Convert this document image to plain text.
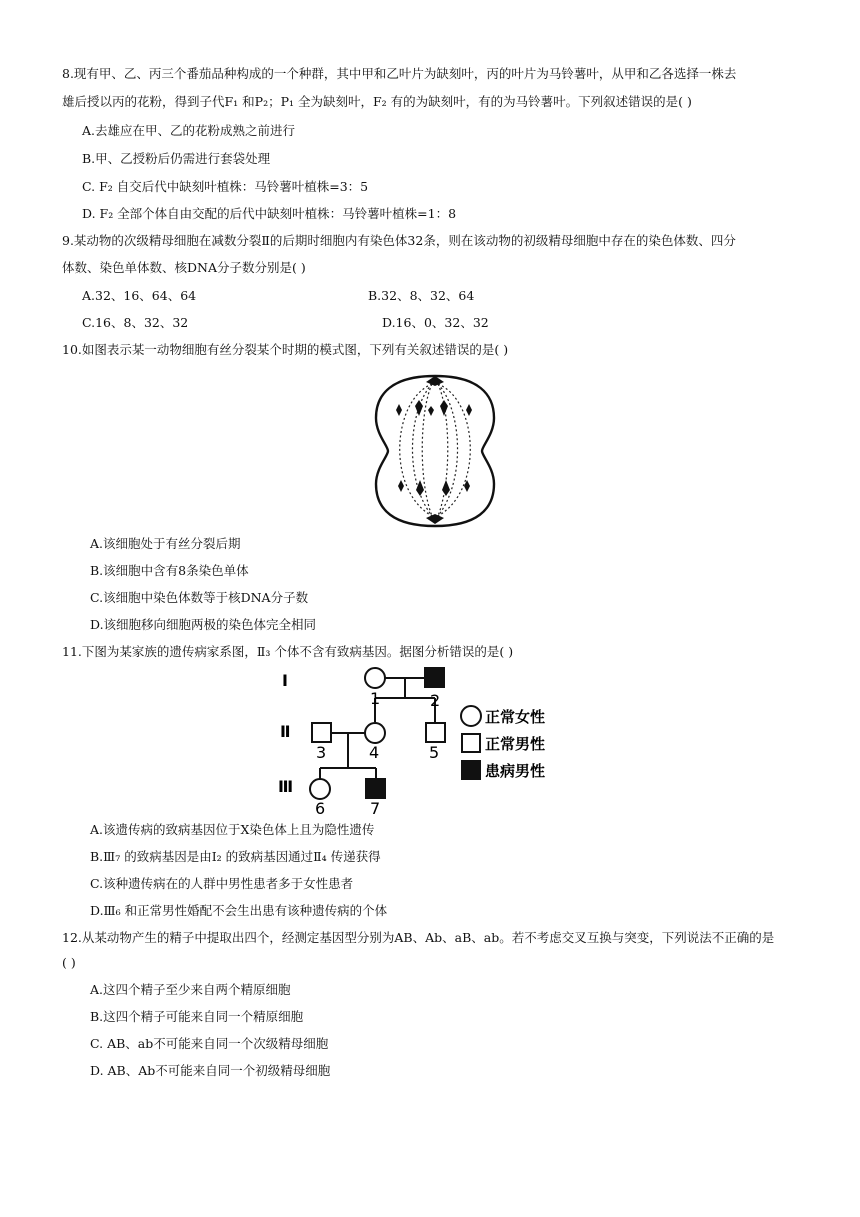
8.现有甲、乙、丙三个番茄品种构成的一个种群，其中甲和乙叶片为缺刻叶，丙的叶片为马铃薯叶，从甲和乙各选择一株去
雄后授以丙的花粉，得到子代F₁ 和P₂；P₁ 全为缺刻叶，F₂ 有的为缺刻叶，有的为马铃薯叶。下列叙述错误的是( )
A.去雄应在甲、乙的花粉成熟之前进行
B.甲、乙授粉后仍需进行套袋处理
C. F₂ 自交后代中缺刻叶植株：马铃薯叶植株=3：5
D. F₂ 全部个体自由交配的后代中缺刻叶植株：马铃薯叶植株=1：8
9.某动物的次级精母细胞在减数分裂Ⅱ的后期时细胞内有染色体32条，则在该动物的初级精母细胞中存在的染色体数、四分
体数、染色单体数、核DNA分子数分别是( )
A.32、16、64、64	B.32、8、32、64
C.16、8、32、32	D.16、0、32、32
10.如图表示某一动物细胞有丝分裂某个时期的模式图，下列有关叙述错误的是( )
A.该细胞处于有丝分裂后期
B.该细胞中含有8条染色单体
C.该细胞中染色体数等于核DNA分子数
D.该细胞移向细胞两极的染色体完全相同
11.下图为某家族的遗传病家系图，Ⅱ₃ 个体不含有致病基因。据图分析错误的是( )
Ⅰ
Ⅱ
Ⅲ
1	2
3	4	5
6	7
正常女性
正常男性
患病男性
A.该遗传病的致病基因位于X染色体上且为隐性遗传
B.Ⅲ₇ 的致病基因是由Ⅰ₂ 的致病基因通过Ⅱ₄ 传递获得
C.该种遗传病在的人群中男性患者多于女性患者
D.Ⅲ₆ 和正常男性婚配不会生出患有该种遗传病的个体
12.从某动物产生的精子中提取出四个，经测定基因型分别为AB、Ab、aB、ab。若不考虑交叉互换与突变，下列说法不正确的是
( )
A.这四个精子至少来自两个精原细胞
B.这四个精子可能来自同一个精原细胞
C. AB、ab不可能来自同一个次级精母细胞
D. AB、Ab不可能来自同一个初级精母细胞
